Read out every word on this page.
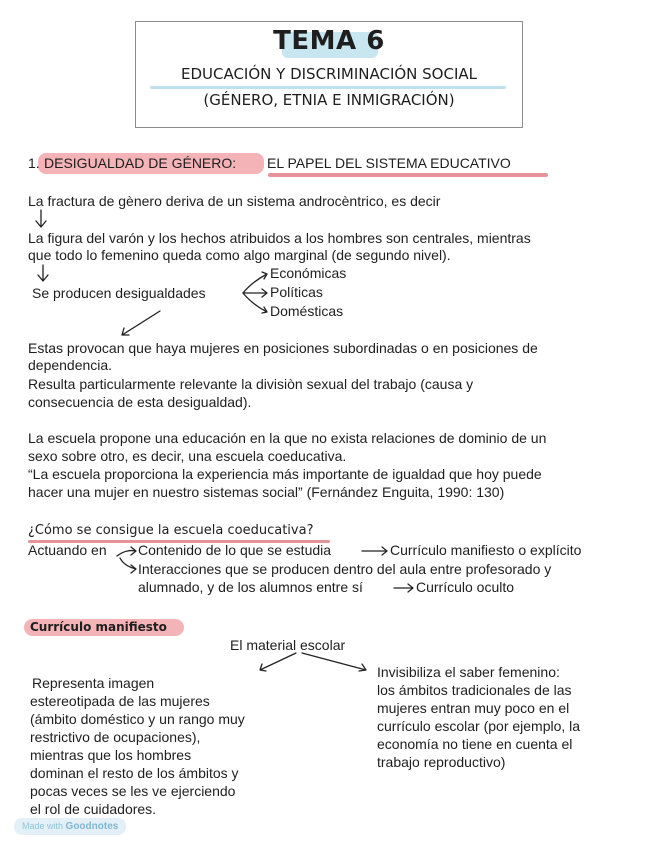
TEMA 6
EDUCACIÓN Y DISCRIMINACIÓN SOCIAL
(GÉNERO, ETNIA E INMIGRACIÓN)
1. DESIGUALDAD DE GÉNERO: EL PAPEL DEL SISTEMA EDUCATIVO
La fractura de gènero deriva de un sistema androcèntrico, es decir
La figura del varón y los hechos atribuidos a los hombres son centrales, mientras
que todo lo femenino queda como algo marginal (de segundo nivel).
Se producen desigualdades
Económicas
Políticas
Domésticas
Estas provocan que haya mujeres en posiciones subordinadas o en posiciones de
dependencia.
Resulta particularmente relevante la divisiòn sexual del trabajo (causa y
consecuencia de esta desigualdad).
La escuela propone una educación en la que no exista relaciones de dominio de un
sexo sobre otro, es decir, una escuela coeducativa.
“La escuela proporciona la experiencia más importante de igualdad que hoy puede
hacer una mujer en nuestro sistemas social” (Fernández Enguita, 1990: 130)
¿Cómo se consigue la escuela coeducativa?
Actuando en Contenido de lo que se estudia	Currículo manifiesto o explícito
Interacciones que se producen dentro del aula entre profesorado y
alumnado, y de los alumnos entre sí	Currículo oculto
Currículo manifiesto
El material escolar
Representa imagen
estereotipada de las mujeres
(ámbito doméstico y un rango muy
restrictivo de ocupaciones),
mientras que los hombres
dominan el resto de los ámbitos y
pocas veces se les ve ejerciendo
el rol de cuidadores.
Invisibiliza el saber femenino:
los ámbitos tradicionales de las
mujeres entran muy poco en el
currículo escolar (por ejemplo, la
economía no tiene en cuenta el
trabajo reproductivo)
Made with Goodnotes
